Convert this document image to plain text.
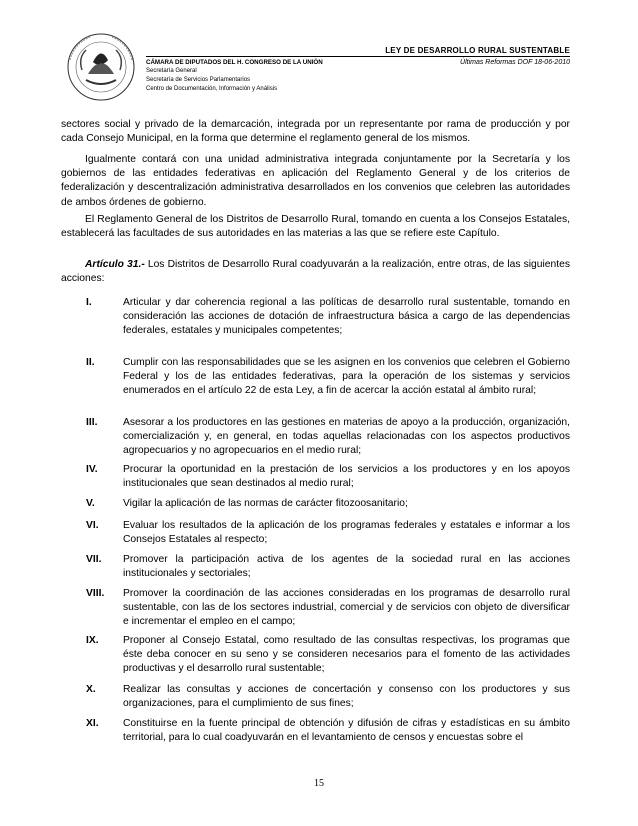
LEY DE DESARROLLO RURAL SUSTENTABLE
CÁMARA DE DIPUTADOS DEL H. CONGRESO DE LA UNIÓN	Últimas Reformas DOF 18-06-2010
Secretaría General
Secretaría de Servicios Parlamentarios
Centro de Documentación, Información y Análisis
sectores social y privado de la demarcación, integrada por un representante por rama de producción y por cada Consejo Municipal, en la forma que determine el reglamento general de los mismos.
Igualmente contará con una unidad administrativa integrada conjuntamente por la Secretaría y los gobiernos de las entidades federativas en aplicación del Reglamento General y de los criterios de federalización y descentralización administrativa desarrollados en los convenios que celebren las autoridades de ambos órdenes de gobierno.
El Reglamento General de los Distritos de Desarrollo Rural, tomando en cuenta a los Consejos Estatales, establecerá las facultades de sus autoridades en las materias a las que se refiere este Capítulo.
Artículo 31.- Los Distritos de Desarrollo Rural coadyuvarán a la realización, entre otras, de las siguientes acciones:
I.	Articular y dar coherencia regional a las políticas de desarrollo rural sustentable, tomando en consideración las acciones de dotación de infraestructura básica a cargo de las dependencias federales, estatales y municipales competentes;
II.	Cumplir con las responsabilidades que se les asignen en los convenios que celebren el Gobierno Federal y los de las entidades federativas, para la operación de los sistemas y servicios enumerados en el artículo 22 de esta Ley, a fin de acercar la acción estatal al ámbito rural;
III. Asesorar a los productores en las gestiones en materias de apoyo a la producción, organización, comercialización y, en general, en todas aquellas relacionadas con los aspectos productivos agropecuarios y no agropecuarios en el medio rural;
IV. Procurar la oportunidad en la prestación de los servicios a los productores y en los apoyos institucionales que sean destinados al medio rural;
V.	Vigilar la aplicación de las normas de carácter fitozoosanitario;
VI. Evaluar los resultados de la aplicación de los programas federales y estatales e informar a los Consejos Estatales al respecto;
VII. Promover la participación activa de los agentes de la sociedad rural en las acciones institucionales y sectoriales;
VIII. Promover la coordinación de las acciones consideradas en los programas de desarrollo rural sustentable, con las de los sectores industrial, comercial y de servicios con objeto de diversificar e incrementar el empleo en el campo;
IX. Proponer al Consejo Estatal, como resultado de las consultas respectivas, los programas que éste deba conocer en su seno y se consideren necesarios para el fomento de las actividades productivas y el desarrollo rural sustentable;
X.	Realizar las consultas y acciones de concertación y consenso con los productores y sus organizaciones, para el cumplimiento de sus fines;
XI. Constituirse en la fuente principal de obtención y difusión de cifras y estadísticas en su ámbito territorial, para lo cual coadyuvarán en el levantamiento de censos y encuestas sobre el
15
